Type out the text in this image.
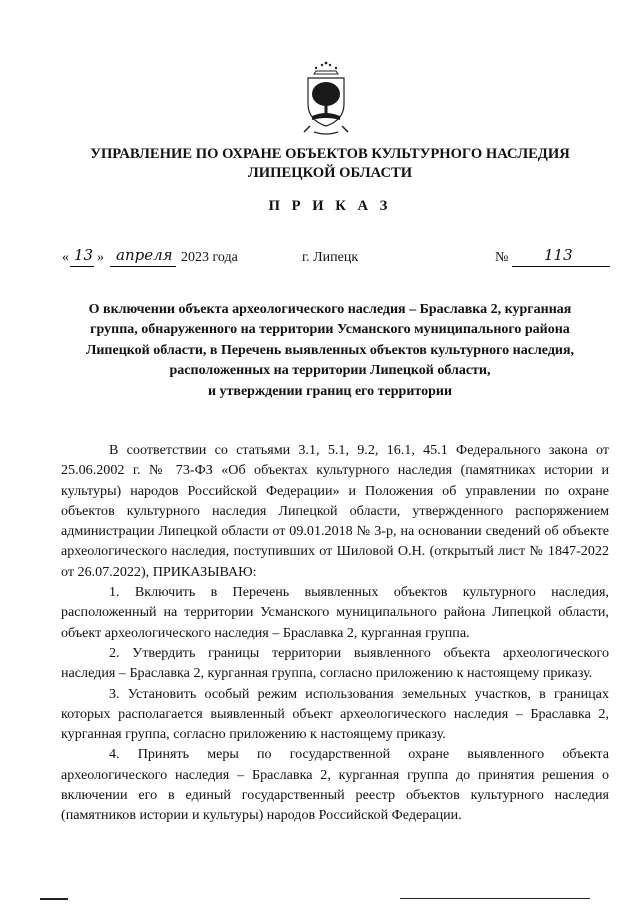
УПРАВЛЕНИЕ ПО ОХРАНЕ ОБЪЕКТОВ КУЛЬТУРНОГО НАСЛЕДИЯ
ЛИПЕЦКОЙ ОБЛАСТИ
П Р И К А З
« 13 » апреля 2023 года	г. Липецк	№ 113
О включении объекта археологического наследия – Браславка 2, курганная
группа, обнаруженного на территории Усманского муниципального района
Липецкой области, в Перечень выявленных объектов культурного наследия,
расположенных на территории Липецкой области,
и утверждении границ его территории

В соответствии со статьями 3.1, 5.1, 9.2, 16.1, 45.1 Федерального закона от 25.06.2002 г. № 73-ФЗ «Об объектах культурного наследия (памятниках истории и культуры) народов Российской Федерации» и Положения об управлении по охране объектов культурного наследия Липецкой области, утвержденного распоряжением администрации Липецкой области от 09.01.2018 № 3-р, на основании сведений об объекте археологического наследия, поступивших от Шиловой О.Н. (открытый лист № 1847-2022 от 26.07.2022), ПРИКАЗЫВАЮ:

1. Включить в Перечень выявленных объектов культурного наследия, расположенный на территории Усманского муниципального района Липецкой области, объект археологического наследия – Браславка 2, курганная группа.

2. Утвердить границы территории выявленного объекта археологического наследия – Браславка 2, курганная группа, согласно приложению к настоящему приказу.

3. Установить особый режим использования земельных участков, в границах которых располагается выявленный объект археологического наследия – Браславка 2, курганная группа, согласно приложению к настоящему приказу.

4. Принять меры по государственной охране выявленного объекта археологического наследия – Браславка 2, курганная группа до принятия решения о включении его в единый государственный реестр объектов культурного наследия (памятников истории и культуры) народов Российской Федерации.
